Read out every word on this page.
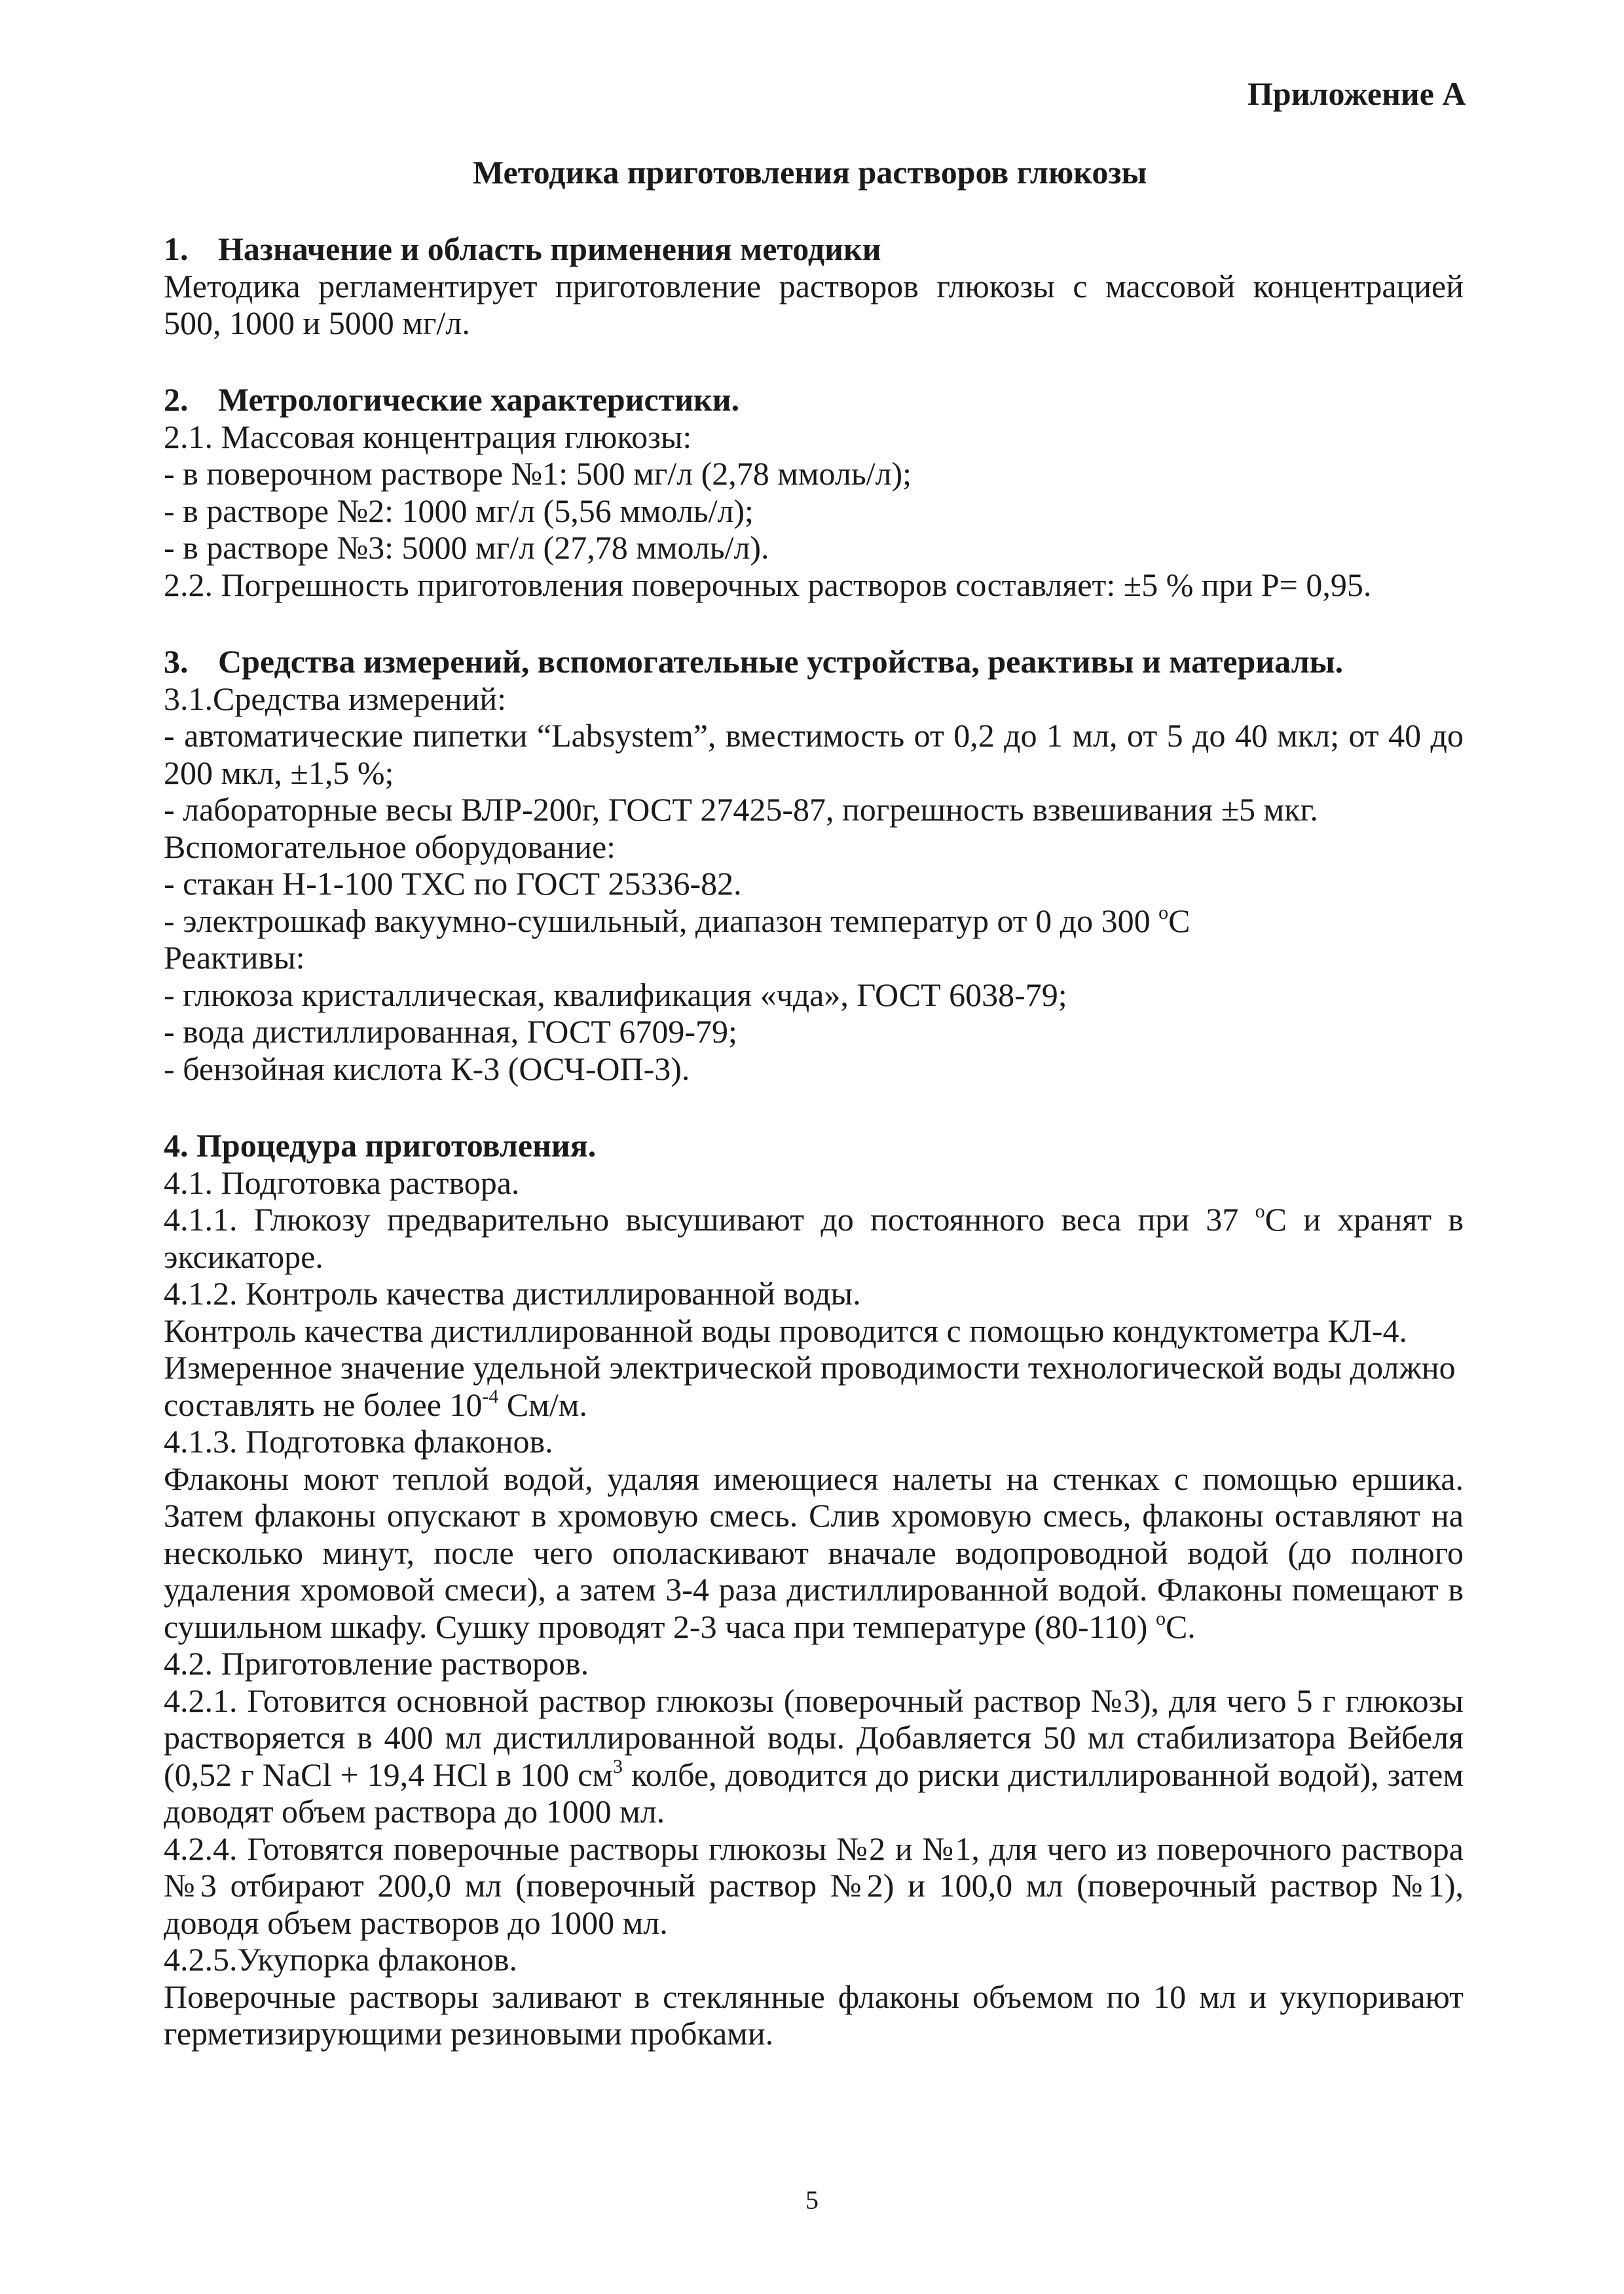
Приложение А
Методика приготовления растворов глюкозы
1. Назначение и область применения методики
Методика регламентирует приготовление растворов глюкозы с массовой концентрацией
500, 1000 и 5000 мг/л.
2. Метрологические характеристики.
2.1. Массовая концентрация глюкозы:
- в поверочном растворе №1: 500 мг/л (2,78 ммоль/л);
- в растворе №2: 1000 мг/л (5,56 ммоль/л);
- в растворе №3: 5000 мг/л (27,78 ммоль/л).
2.2. Погрешность приготовления поверочных растворов составляет: ±5 % при Р= 0,95.
3. Средства измерений, вспомогательные устройства, реактивы и материалы.
3.1.Средства измерений:
- автоматические пипетки “Labsystem”, вместимость от 0,2 до 1 мл, от 5 до 40 мкл; от 40 до
200 мкл, ±1,5 %;
- лабораторные весы ВЛР-200г, ГОСТ 27425-87, погрешность взвешивания ±5 мкг.
Вспомогательное оборудование:
- стакан Н-1-100 ТХС по ГОСТ 25336-82.
- электрошкаф вакуумно-сушильный, диапазон температур от 0 до 300 $^o$С
Реактивы:
- глюкоза кристаллическая, квалификация «чда», ГОСТ 6038-79;
- вода дистиллированная, ГОСТ 6709-79;
- бензойная кислота К-3 (ОСЧ-ОП-3).
4. Процедура приготовления.
4.1. Подготовка раствора.
4.1.1. Глюкозу предварительно высушивают до постоянного веса при 37 $^o$С и хранят в
эксикаторе.
4.1.2. Контроль качества дистиллированной воды.
Контроль качества дистиллированной воды проводится с помощью кондуктометра КЛ-4.
Измеренное значение удельной электрической проводимости технологической воды должно
составлять не более $10^{-4}$ См/м.
4.1.3. Подготовка флаконов.
Флаконы моют теплой водой, удаляя имеющиеся налеты на стенках с помощью ершика.
Затем флаконы опускают в хромовую смесь. Слив хромовую смесь, флаконы оставляют на
несколько минут, после чего ополаскивают вначале водопроводной водой (до полного
удаления хромовой смеси), а затем 3-4 раза дистиллированной водой. Флаконы помещают в
сушильном шкафу. Сушку проводят 2-3 часа при температуре (80-110) $^o$С.
4.2. Приготовление растворов.
4.2.1. Готовится основной раствор глюкозы (поверочный раствор №3), для чего 5 г глюкозы
растворяется в 400 мл дистиллированной воды. Добавляется 50 мл стабилизатора Вейбеля
(0,52 г NaCl + 19,4 HCl в 100 $см^3$ колбе, доводится до риски дистиллированной водой), затем
доводят объем раствора до 1000 мл.
4.2.4. Готовятся поверочные растворы глюкозы №2 и №1, для чего из поверочного раствора
№3 отбирают 200,0 мл (поверочный раствор №2) и 100,0 мл (поверочный раствор №1),
доводя объем растворов до 1000 мл.
4.2.5.Укупорка флаконов.
Поверочные растворы заливают в стеклянные флаконы объемом по 10 мл и укупоривают
герметизирующими резиновыми пробками.
5
